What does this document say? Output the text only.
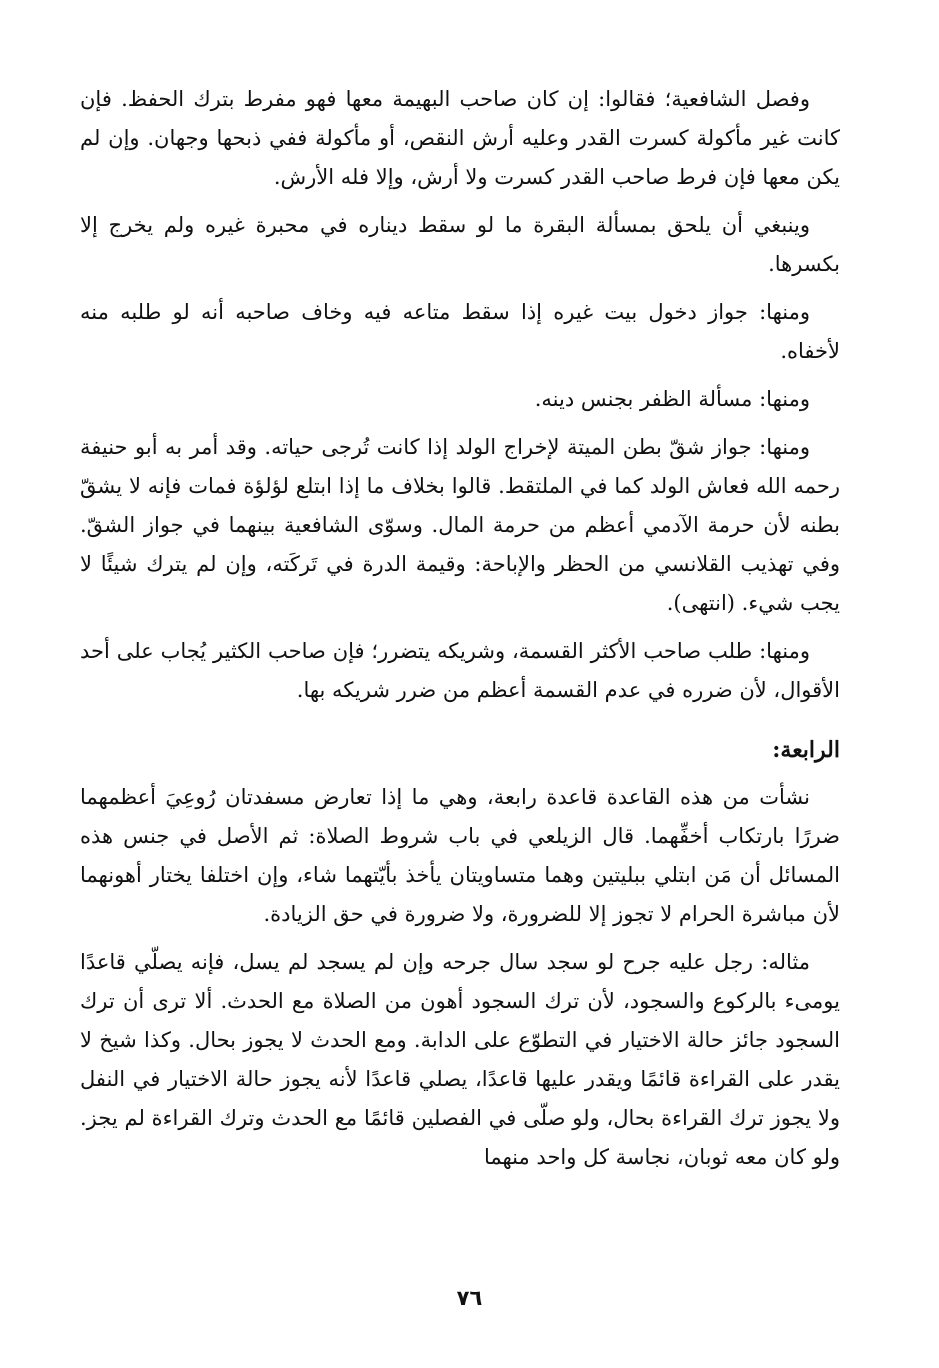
وفصل الشافعية؛ فقالوا: إن كان صاحب البهيمة معها فهو مفرط بترك الحفظ. فإن كانت غير مأكولة كسرت القدر وعليه أرش النقص، أو مأكولة ففي ذبحها وجهان. وإن لم يكن معها فإن فرط صاحب القدر كسرت ولا أرش، وإلا فله الأرش.

وينبغي أن يلحق بمسألة البقرة ما لو سقط ديناره في محبرة غيره ولم يخرج إلا بكسرها.

ومنها: جواز دخول بيت غيره إذا سقط متاعه فيه وخاف صاحبه أنه لو طلبه منه لأخفاه.

ومنها: مسألة الظفر بجنس دينه.

ومنها: جواز شقّ بطن الميتة لإخراج الولد إذا كانت تُرجى حياته. وقد أمر به أبو حنيفة رحمه الله فعاش الولد كما في الملتقط. قالوا بخلاف ما إذا ابتلع لؤلؤة فمات فإنه لا يشقّ بطنه لأن حرمة الآدمي أعظم من حرمة المال. وسوّى الشافعية بينهما في جواز الشقّ. وفي تهذيب القلانسي من الحظر والإباحة: وقيمة الدرة في تَركَته، وإن لم يترك شيئًا لا يجب شيء. (انتهى).

ومنها: طلب صاحب الأكثر القسمة، وشريكه يتضرر؛ فإن صاحب الكثير يُجاب على أحد الأقوال، لأن ضرره في عدم القسمة أعظم من ضرر شريكه بها.

الرابعة:

نشأت من هذه القاعدة قاعدة رابعة، وهي ما إذا تعارض مسفدتان رُوعِيَ أعظمهما ضررًا بارتكاب أخفِّهما. قال الزيلعي في باب شروط الصلاة: ثم الأصل في جنس هذه المسائل أن مَن ابتلي ببليتين وهما متساويتان يأخذ بأيّتهما شاء، وإن اختلفا يختار أهونهما لأن مباشرة الحرام لا تجوز إلا للضرورة، ولا ضرورة في حق الزيادة.

مثاله: رجل عليه جرح لو سجد سال جرحه وإن لم يسجد لم يسل، فإنه يصلّي قاعدًا يومىء بالركوع والسجود، لأن ترك السجود أهون من الصلاة مع الحدث. ألا ترى أن ترك السجود جائز حالة الاختيار في التطوّع على الدابة. ومع الحدث لا يجوز بحال. وكذا شيخ لا يقدر على القراءة قائمًا ويقدر عليها قاعدًا، يصلي قاعدًا لأنه يجوز حالة الاختيار في النفل ولا يجوز ترك القراءة بحال، ولو صلّى في الفصلين قائمًا مع الحدث وترك القراءة لم يجز. ولو كان معه ثوبان، نجاسة كل واحد منهما

٧٦
